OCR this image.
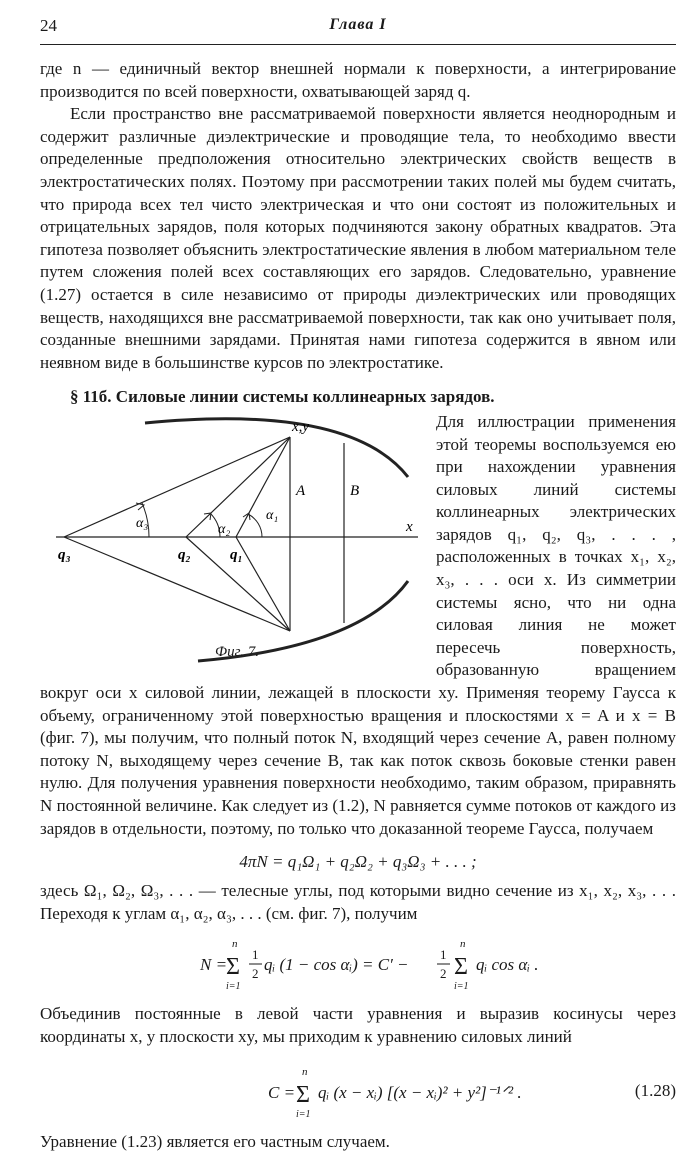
24	Глава I

где n — единичный вектор внешней нормали к поверхности, а интегрирование производится по всей поверхности, охватывающей заряд q.

Если пространство вне рассматриваемой поверхности является неоднородным и содержит различные диэлектрические и проводящие тела, то необходимо ввести определенные предположения относительно электрических свойств веществ в электростатических полях. Поэтому при рассмотрении таких полей мы будем считать, что природа всех тел чисто электрическая и что они состоят из положительных и отрицательных зарядов, поля которых подчиняются закону обратных квадратов. Эта гипотеза позволяет объяснить электростатические явления в любом материальном теле путем сложения полей всех составляющих его зарядов. Следовательно, уравнение (1.27) остается в силе независимо от природы диэлектрических или проводящих веществ, находящихся вне рассматриваемой поверхности, так как оно учитывает поля, созданные внешними зарядами. Принятая нами гипотеза содержится в явном или неявном виде в большинстве курсов по электростатике.

§ 11б. Силовые линии системы коллинеарных зарядов.

x,y
x
A	B
q₃	q₂	q₁
α₃	α₂
α₁
Фиг. 7.

Для иллюстрации применения этой теоремы воспользуемся ею при нахождении уравнения силовых линий системы коллинеарных электрических зарядов q₁, q₂, q₃, . . . , расположенных в точках x₁, x₂, x₃, . . . оси x. Из симметрии системы ясно, что ни одна силовая линия не может пересечь поверхность, образованную вращением вокруг оси x силовой линии, лежащей в плоскости xy. Применяя теорему Гаусса к объему, ограниченному этой поверхностью вращения и плоскостями x = A и x = B (фиг. 7), мы получим, что полный поток N, входящий через сечение A, равен полному потоку N, выходящему через сечение B, так как поток сквозь боковые стенки равен нулю. Для получения уравнения поверхности необходимо, таким образом, приравнять N постоянной величине. Как следует из (1.2), N равняется сумме потоков от каждого из зарядов в отдельности, поэтому, по только что доказанной теореме Гаусса, получаем

4πN = q₁Ω₁ + q₂Ω₂ + q₃Ω₃ + . . . ;

здесь Ω₁, Ω₂, Ω₃, . . . — телесные углы, под которыми видно сечение из x₁, x₂, x₃, . . . Переходя к углам α₁, α₂, α₃, . . . (см. фиг. 7), получим

N =
n
Σ
i=1
1
2 qᵢ (1 − cos αᵢ) = C′ −
1
2
n
Σ
i=1
qᵢ cos αᵢ .

Объединив постоянные в левой части уравнения и выразив косинусы через координаты x, y плоскости xy, мы приходим к уравнению силовых линий

C =
n
Σ
i=1
qᵢ (x − xᵢ) [(x − xᵢ)² + y²]⁻¹ᐟ² .	(1.28)

Уравнение (1.23) является его частным случаем.
